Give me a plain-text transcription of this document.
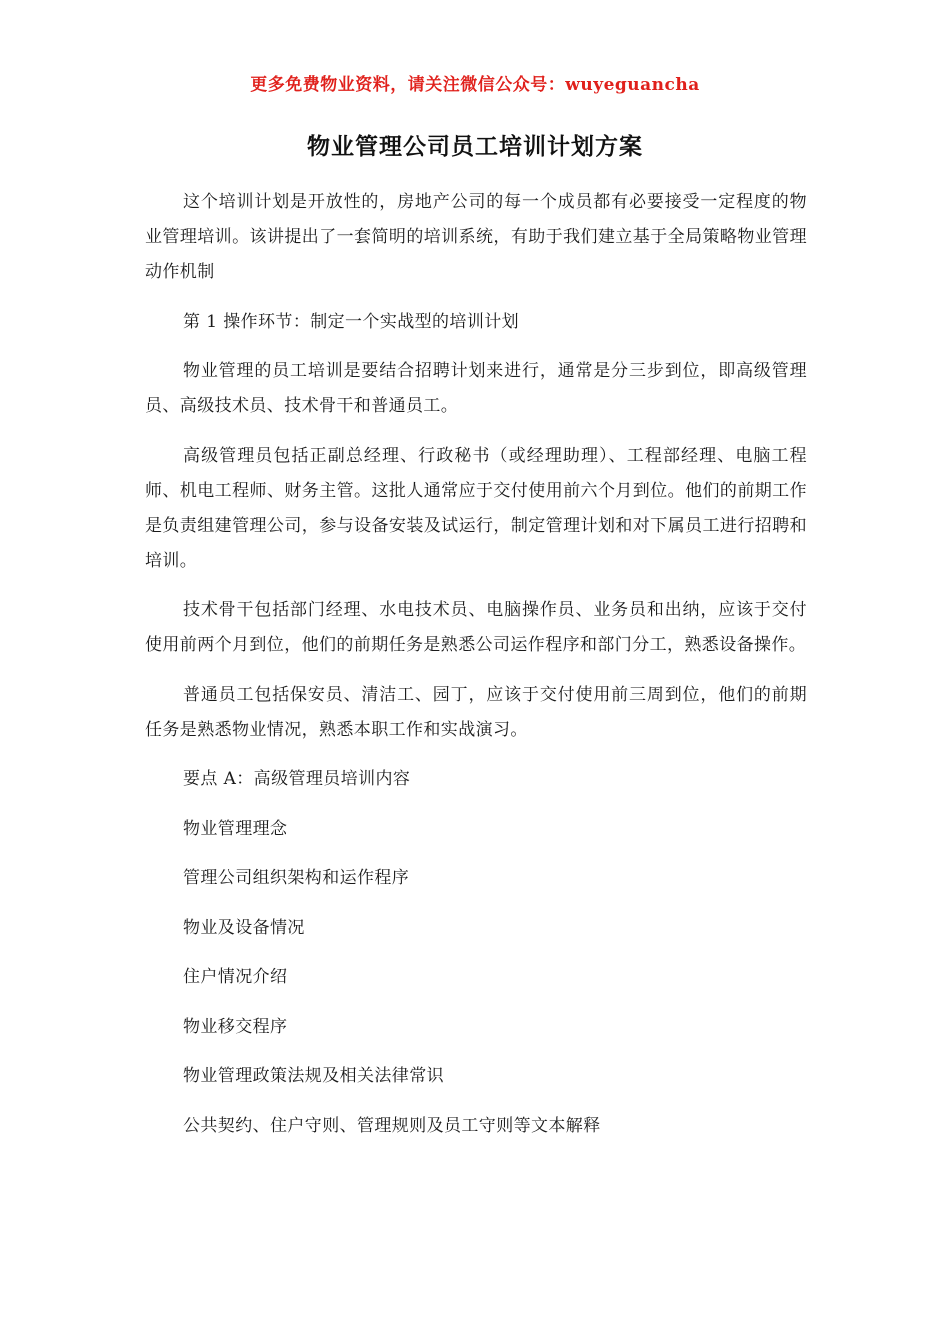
更多免费物业资料，请关注微信公众号：wuyeguancha
物业管理公司员工培训计划方案

这个培训计划是开放性的，房地产公司的每一个成员都有必要接受一定程度的物业管理培训。该讲提出了一套简明的培训系统，有助于我们建立基于全局策略物业管理动作机制

第 1 操作环节：制定一个实战型的培训计划

物业管理的员工培训是要结合招聘计划来进行，通常是分三步到位，即高级管理员、高级技术员、技术骨干和普通员工。

高级管理员包括正副总经理、行政秘书（或经理助理）、工程部经理、电脑工程师、机电工程师、财务主管。这批人通常应于交付使用前六个月到位。他们的前期工作是负责组建管理公司，参与设备安装及试运行，制定管理计划和对下属员工进行招聘和培训。

技术骨干包括部门经理、水电技术员、电脑操作员、业务员和出纳，应该于交付使用前两个月到位，他们的前期任务是熟悉公司运作程序和部门分工，熟悉设备操作。

普通员工包括保安员、清洁工、园丁，应该于交付使用前三周到位，他们的前期任务是熟悉物业情况，熟悉本职工作和实战演习。

要点 A：高级管理员培训内容

物业管理理念

管理公司组织架构和运作程序

物业及设备情况

住户情况介绍

物业移交程序

物业管理政策法规及相关法律常识

公共契约、住户守则、管理规则及员工守则等文本解释
